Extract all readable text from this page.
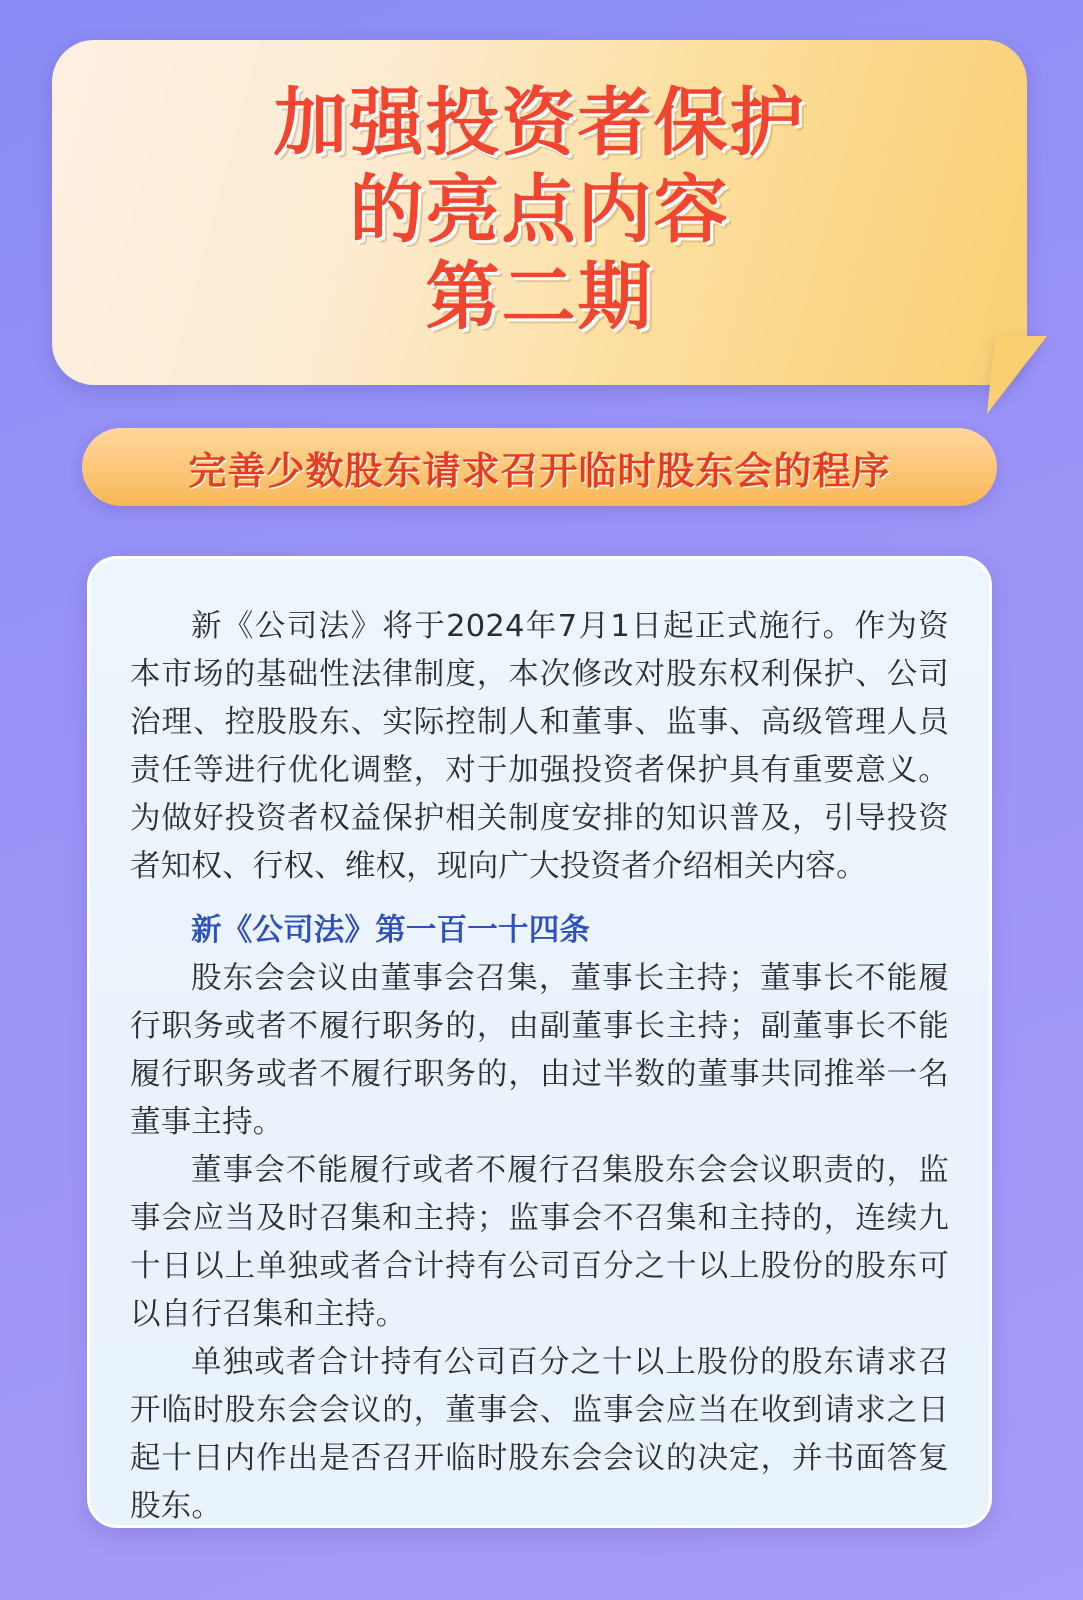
加强投资者保护
的亮点内容
第二期
完善少数股东请求召开临时股东会的程序

新《公司法》将于2024年7月1日起正式施行。作为资本市场的基础性法律制度，本次修改对股东权利保护、公司治理、控股股东、实际控制人和董事、监事、高级管理人员责任等进行优化调整，对于加强投资者保护具有重要意义。为做好投资者权益保护相关制度安排的知识普及，引导投资者知权、行权、维权，现向广大投资者介绍相关内容。

新《公司法》第一百一十四条

股东会会议由董事会召集，董事长主持；董事长不能履行职务或者不履行职务的，由副董事长主持；副董事长不能履行职务或者不履行职务的，由过半数的董事共同推举一名董事主持。

董事会不能履行或者不履行召集股东会会议职责的，监事会应当及时召集和主持；监事会不召集和主持的，连续九十日以上单独或者合计持有公司百分之十以上股份的股东可以自行召集和主持。

单独或者合计持有公司百分之十以上股份的股东请求召开临时股东会会议的，董事会、监事会应当在收到请求之日起十日内作出是否召开临时股东会会议的决定，并书面答复股东。
